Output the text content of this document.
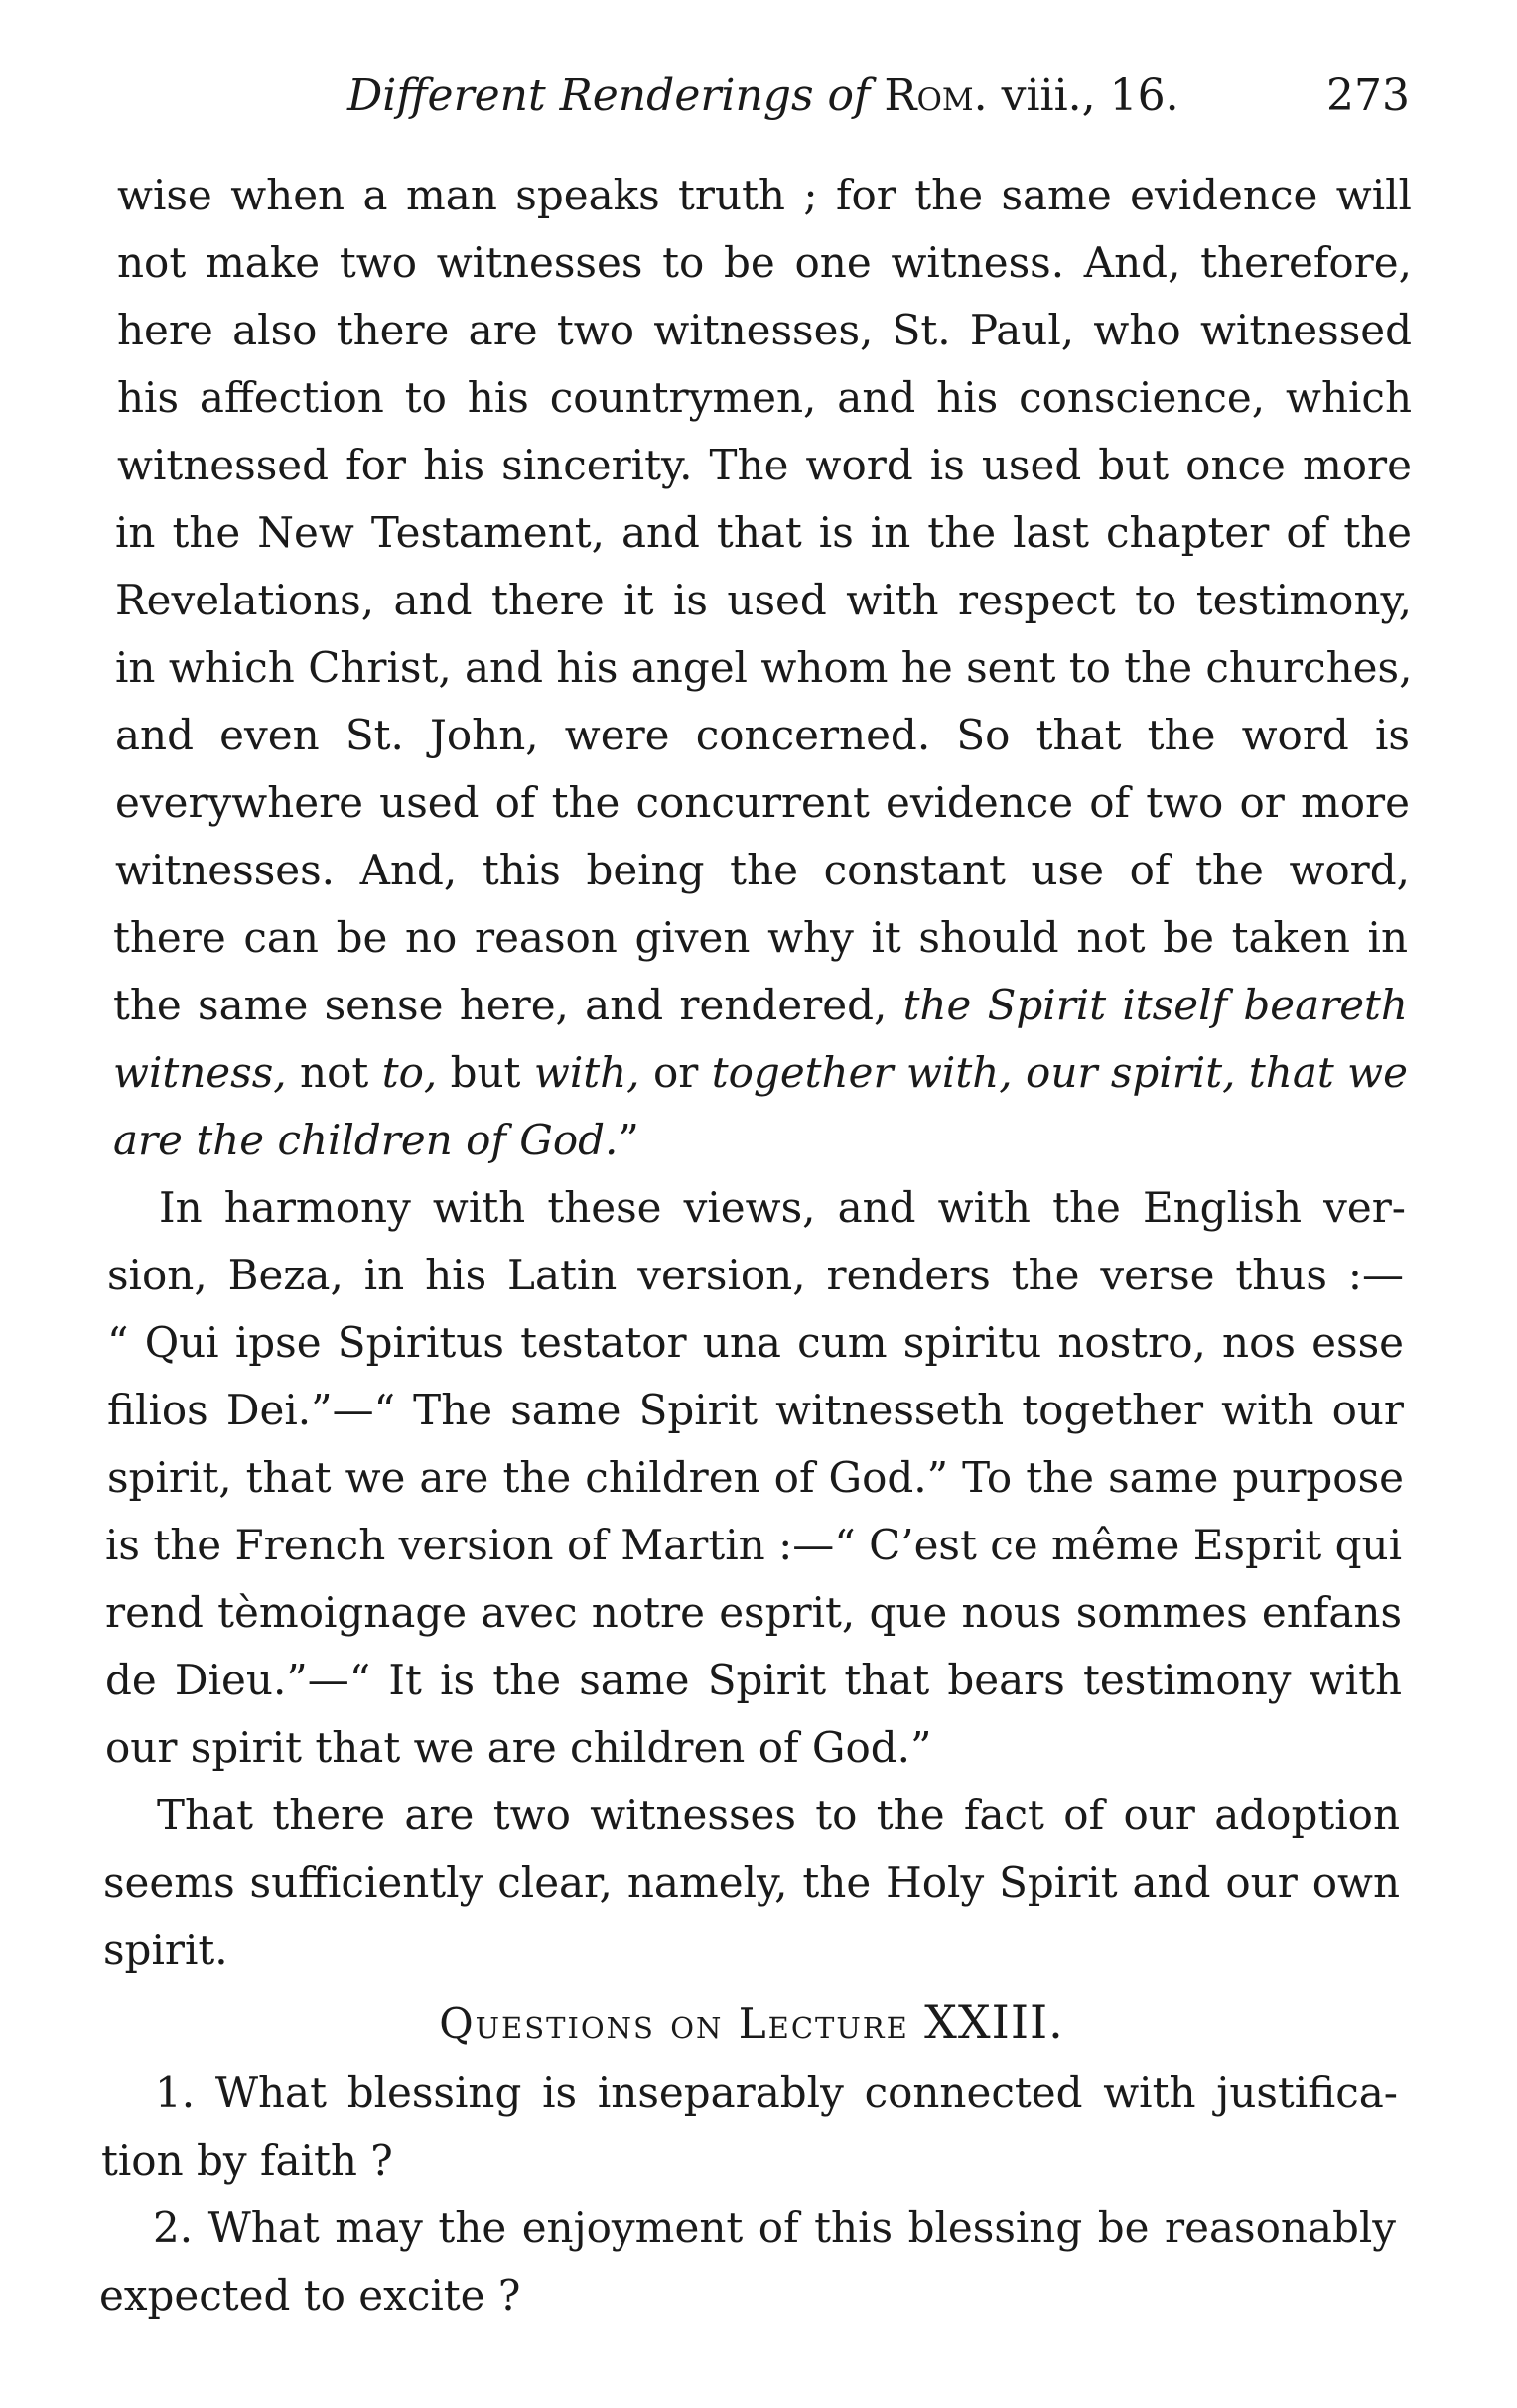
Different Renderings of Rom. viii., 16.	273
wise when a man speaks truth ; for the same evidence will
not make two witnesses to be one witness. And, therefore,
here also there are two witnesses, St. Paul, who witnessed
his affection to his countrymen, and his conscience, which
witnessed for his sincerity. The word is used but once more
in the New Testament, and that is in the last chapter of the
Revelations, and there it is used with respect to testimony,
in which Christ, and his angel whom he sent to the churches,
and even St. John, were concerned. So that the word is
everywhere used of the concurrent evidence of two or more
witnesses. And, this being the constant use of the word,
there can be no reason given why it should not be taken in
the same sense here, and rendered, the Spirit itself beareth
witness, not to, but with, or together with, our spirit, that we
are the children of God.”
In harmony with these views, and with the English ver-
sion, Beza, in his Latin version, renders the verse thus :—
“ Qui ipse Spiritus testator una cum spiritu nostro, nos esse
filios Dei.”—“ The same Spirit witnesseth together with our
spirit, that we are the children of God.” To the same purpose
is the French version of Martin :—“ C’est ce même Esprit qui
rend tèmoignage avec notre esprit, que nous sommes enfans
de Dieu.”—“ It is the same Spirit that bears testimony with
our spirit that we are children of God.”
That there are two witnesses to the fact of our adoption
seems sufficiently clear, namely, the Holy Spirit and our own
spirit.
Questions on Lecture XXIII.
1. What blessing is inseparably connected with justifica-
tion by faith ?
2. What may the enjoyment of this blessing be reasonably
expected to excite ?
